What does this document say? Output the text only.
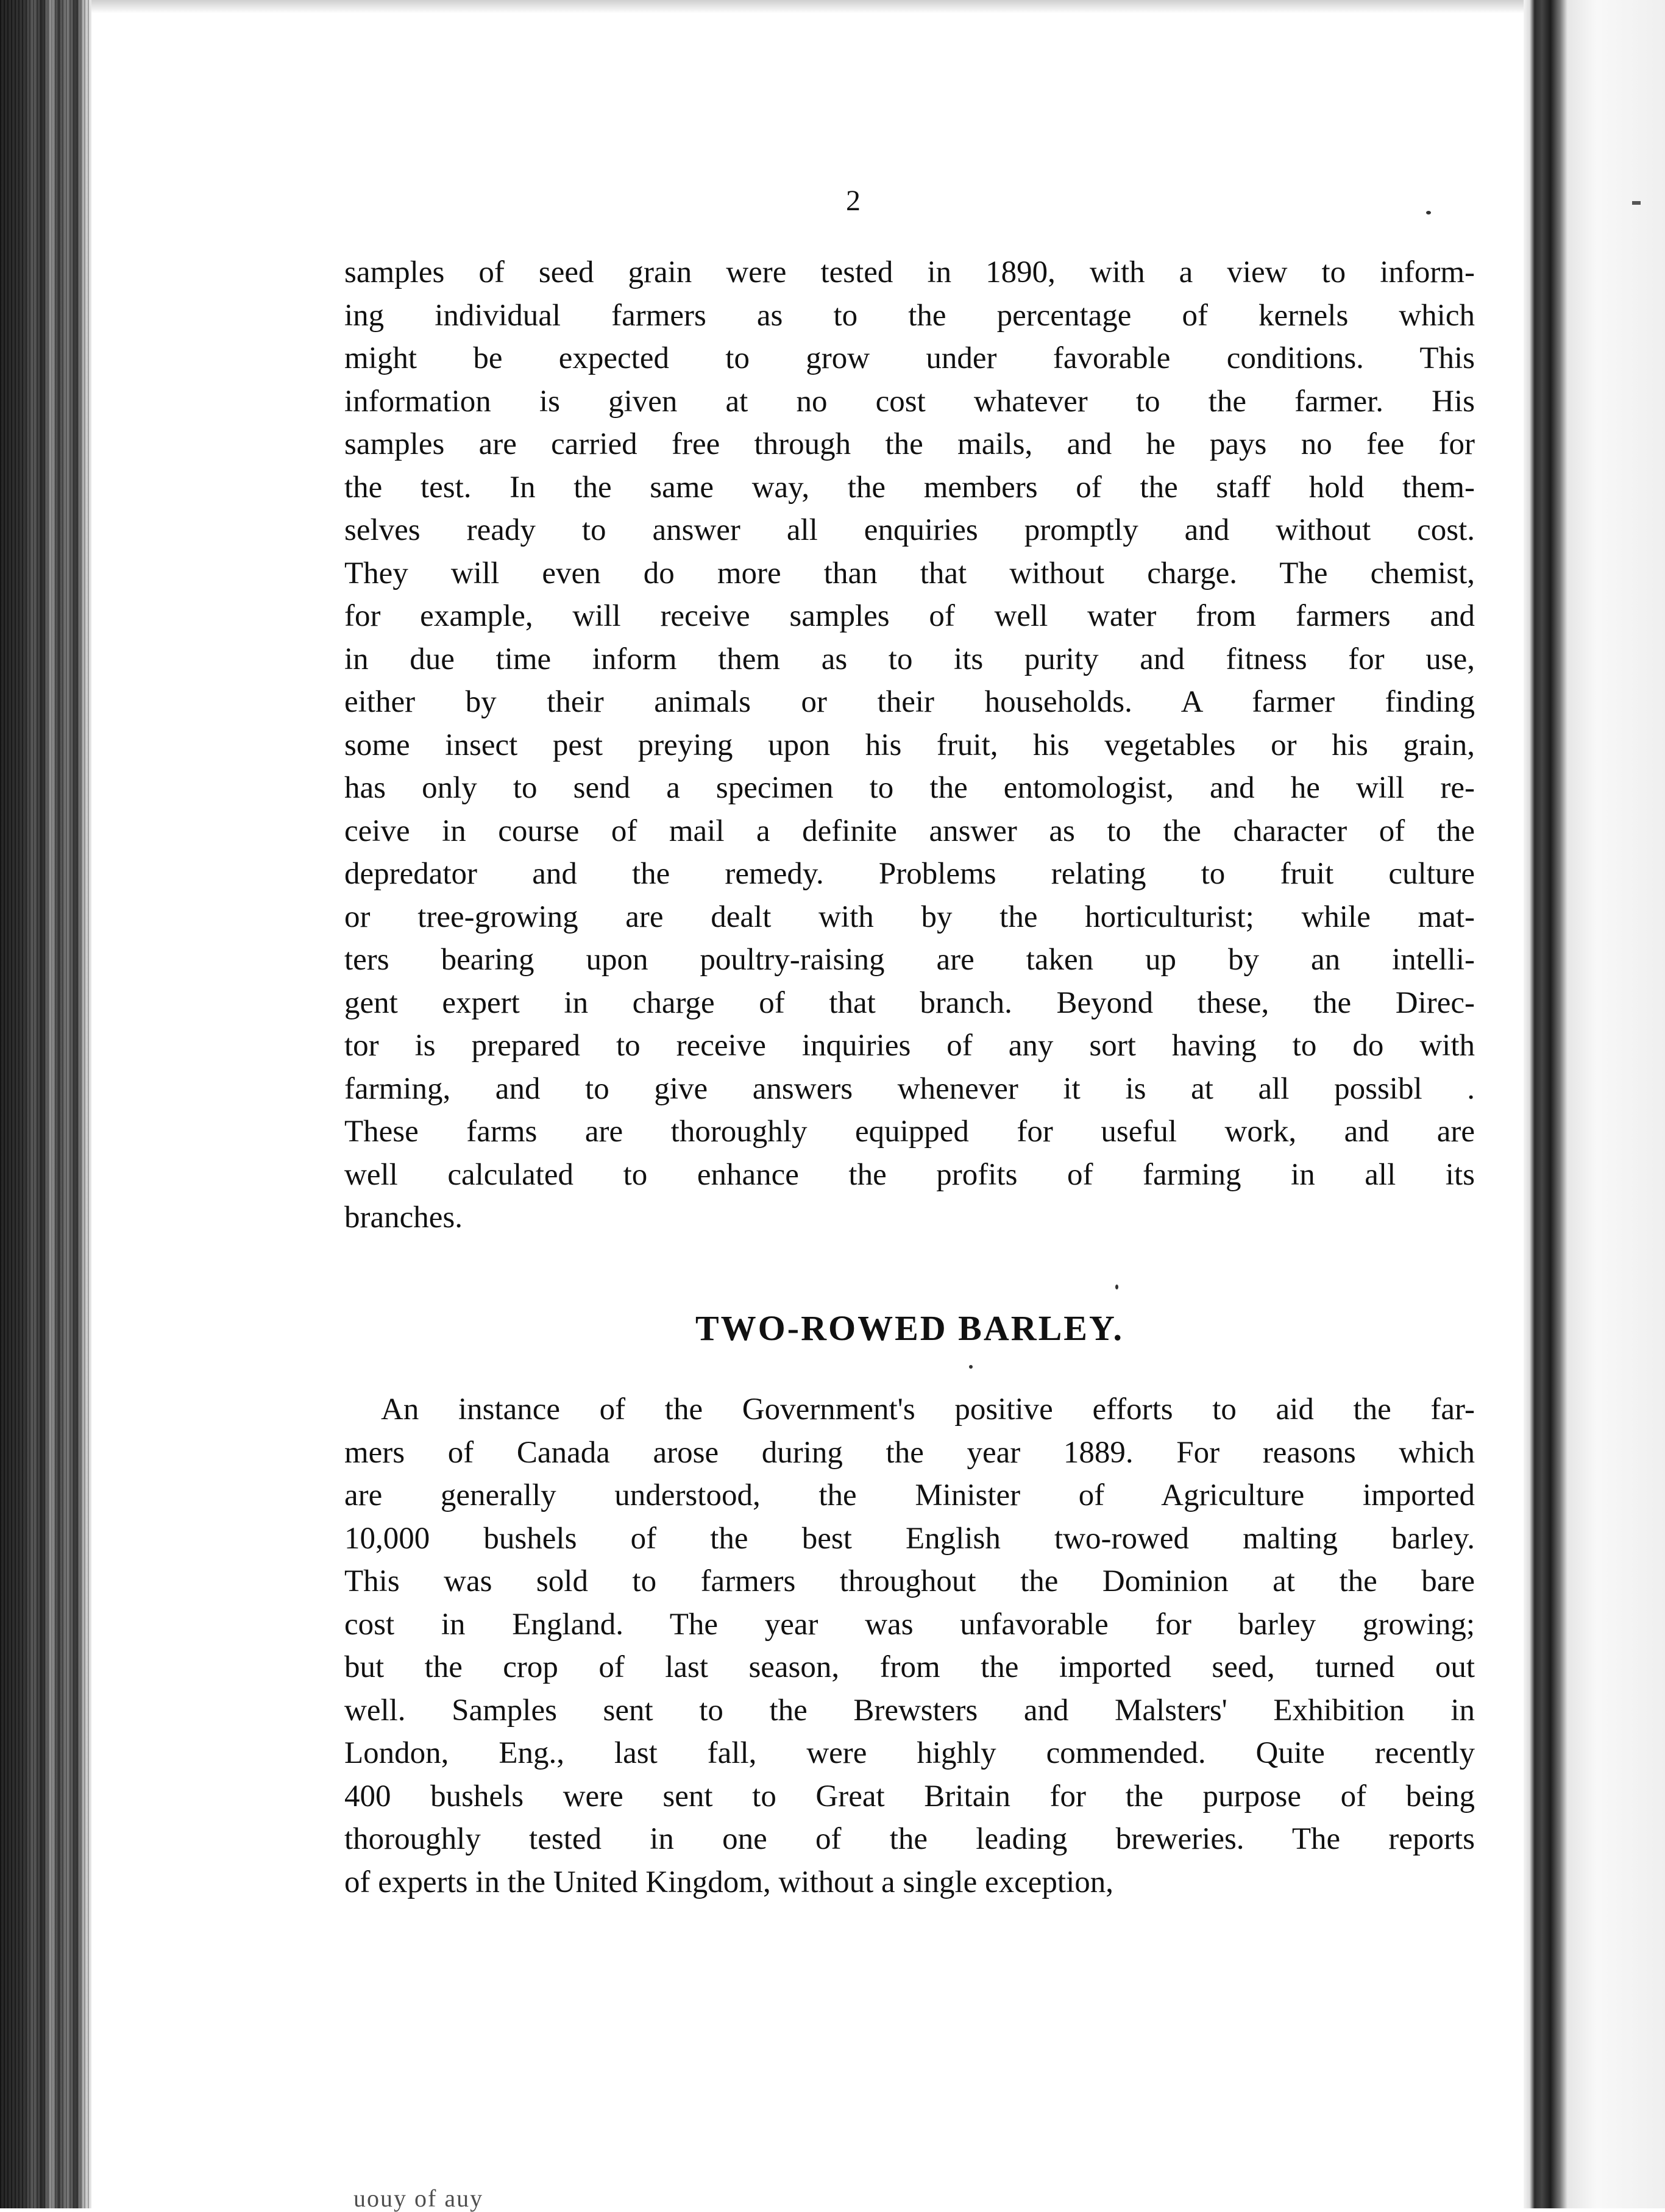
2
samples of seed grain were tested in 1890, with a view to inform-
ing individual farmers as to the percentage of kernels which
might be expected to grow under favorable conditions. This
information is given at no cost whatever to the farmer. His
samples are carried free through the mails, and he pays no fee for
the test. In the same way, the members of the staff hold them-
selves ready to answer all enquiries promptly and without cost.
They will even do more than that without charge. The chemist,
for example, will receive samples of well water from farmers and
in due time inform them as to its purity and fitness for use,
either by their animals or their households. A farmer finding
some insect pest preying upon his fruit, his vegetables or his grain,
has only to send a specimen to the entomologist, and he will re-
ceive in course of mail a definite answer as to the character of the
depredator and the remedy. Problems relating to fruit culture
or tree-growing are dealt with by the horticulturist; while mat-
ters bearing upon poultry-raising are taken up by an intelli-
gent expert in charge of that branch. Beyond these, the Direc-
tor is prepared to receive inquiries of any sort having to do with
farming, and to give answers whenever it is at all possibl .
These farms are thoroughly equipped for useful work, and are
well calculated to enhance the profits of farming in all its
branches.
TWO-ROWED BARLEY.
An instance of the Government's positive efforts to aid the far-
mers of Canada arose during the year 1889. For reasons which
are generally understood, the Minister of Agriculture imported
10,000 bushels of the best English two-rowed malting barley.
This was sold to farmers throughout the Dominion at the bare
cost in England. The year was unfavorable for barley growing;
but the crop of last season, from the imported seed, turned out
well. Samples sent to the Brewsters and Malsters' Exhibition in
London, Eng., last fall, were highly commended. Quite recently
400 bushels were sent to Great Britain for the purpose of being
thoroughly tested in one of the leading breweries. The reports
of experts in the United Kingdom, without a single exception,
uouy of auy
